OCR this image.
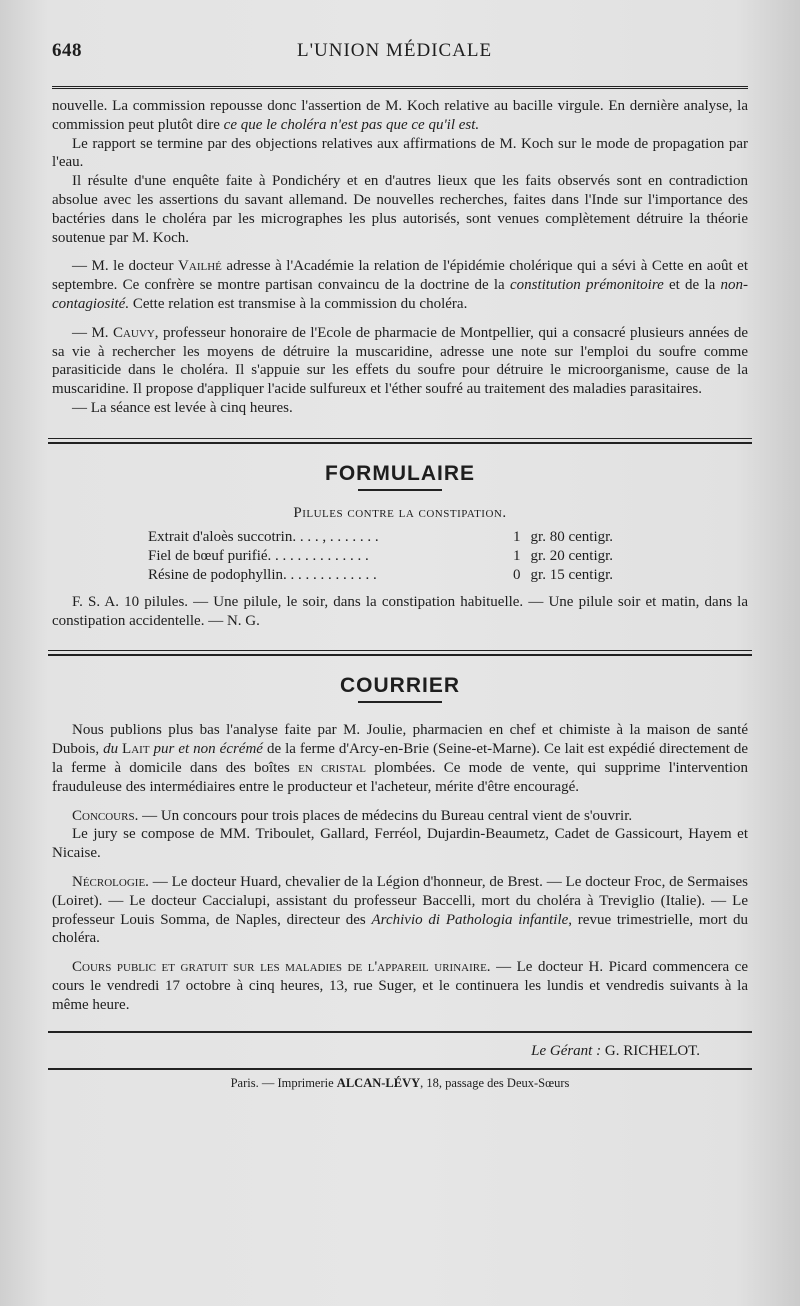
648	L'UNION MÉDICALE

nouvelle. La commission repousse donc l'assertion de M. Koch relative au bacille virgule. En dernière analyse, la commission peut plutôt dire ce que le choléra n'est pas que ce qu'il est.

Le rapport se termine par des objections relatives aux affirmations de M. Koch sur le mode de propagation par l'eau.

Il résulte d'une enquête faite à Pondichéry et en d'autres lieux que les faits observés sont en contradiction absolue avec les assertions du savant allemand. De nouvelles recherches, faites dans l'Inde sur l'importance des bactéries dans le choléra par les micrographes les plus autorisés, sont venues complètement détruire la théorie soutenue par M. Koch.

— M. le docteur Vailhé adresse à l'Académie la relation de l'épidémie cholérique qui a sévi à Cette en août et septembre. Ce confrère se montre partisan convaincu de la doctrine de la constitution prémonitoire et de la non-contagiosité. Cette relation est transmise à la commission du choléra.

— M. Cauvy, professeur honoraire de l'Ecole de pharmacie de Montpellier, qui a consacré plusieurs années de sa vie à rechercher les moyens de détruire la muscaridine, adresse une note sur l'emploi du soufre comme parasiticide dans le choléra. Il s'appuie sur les effets du soufre pour détruire le microorganisme, cause de la muscaridine. Il propose d'appliquer l'acide sulfureux et l'éther soufré au traitement des maladies parasitaires.

— La séance est levée à cinq heures.

FORMULAIRE
Pilules contre la constipation.
Extrait d'aloès succotrin. . . . , . . . . . . .	1 gr. 80 centigr.
Fiel de bœuf purifié. . . . . . . . . . . . . .	1 gr. 20 centigr.
Résine de podophyllin. . . . . . . . . . . . .	0 gr. 15 centigr.

F. S. A. 10 pilules. — Une pilule, le soir, dans la constipation habituelle. — Une pilule soir et matin, dans la constipation accidentelle. — N. G.

COURRIER

Nous publions plus bas l'analyse faite par M. Joulie, pharmacien en chef et chimiste à la maison de santé Dubois, du Lait pur et non écrémé de la ferme d'Arcy-en-Brie (Seine-et-Marne). Ce lait est expédié directement de la ferme à domicile dans des boîtes en cristal plombées. Ce mode de vente, qui supprime l'intervention frauduleuse des intermédiaires entre le producteur et l'acheteur, mérite d'être encouragé.

Concours. — Un concours pour trois places de médecins du Bureau central vient de s'ouvrir.

Le jury se compose de MM. Triboulet, Gallard, Ferréol, Dujardin-Beaumetz, Cadet de Gassicourt, Hayem et Nicaise.

Nécrologie. — Le docteur Huard, chevalier de la Légion d'honneur, de Brest. — Le docteur Froc, de Sermaises (Loiret). — Le docteur Caccialupi, assistant du professeur Baccelli, mort du choléra à Treviglio (Italie). — Le professeur Louis Somma, de Naples, directeur des Archivio di Pathologia infantile, revue trimestrielle, mort du choléra.

Cours public et gratuit sur les maladies de l'appareil urinaire. — Le docteur H. Picard commencera ce cours le vendredi 17 octobre à cinq heures, 13, rue Suger, et le continuera les lundis et vendredis suivants à la même heure.

Le Gérant : G. RICHELOT.
Paris. — Imprimerie ALCAN-LÉVY, 18, passage des Deux-Sœurs
